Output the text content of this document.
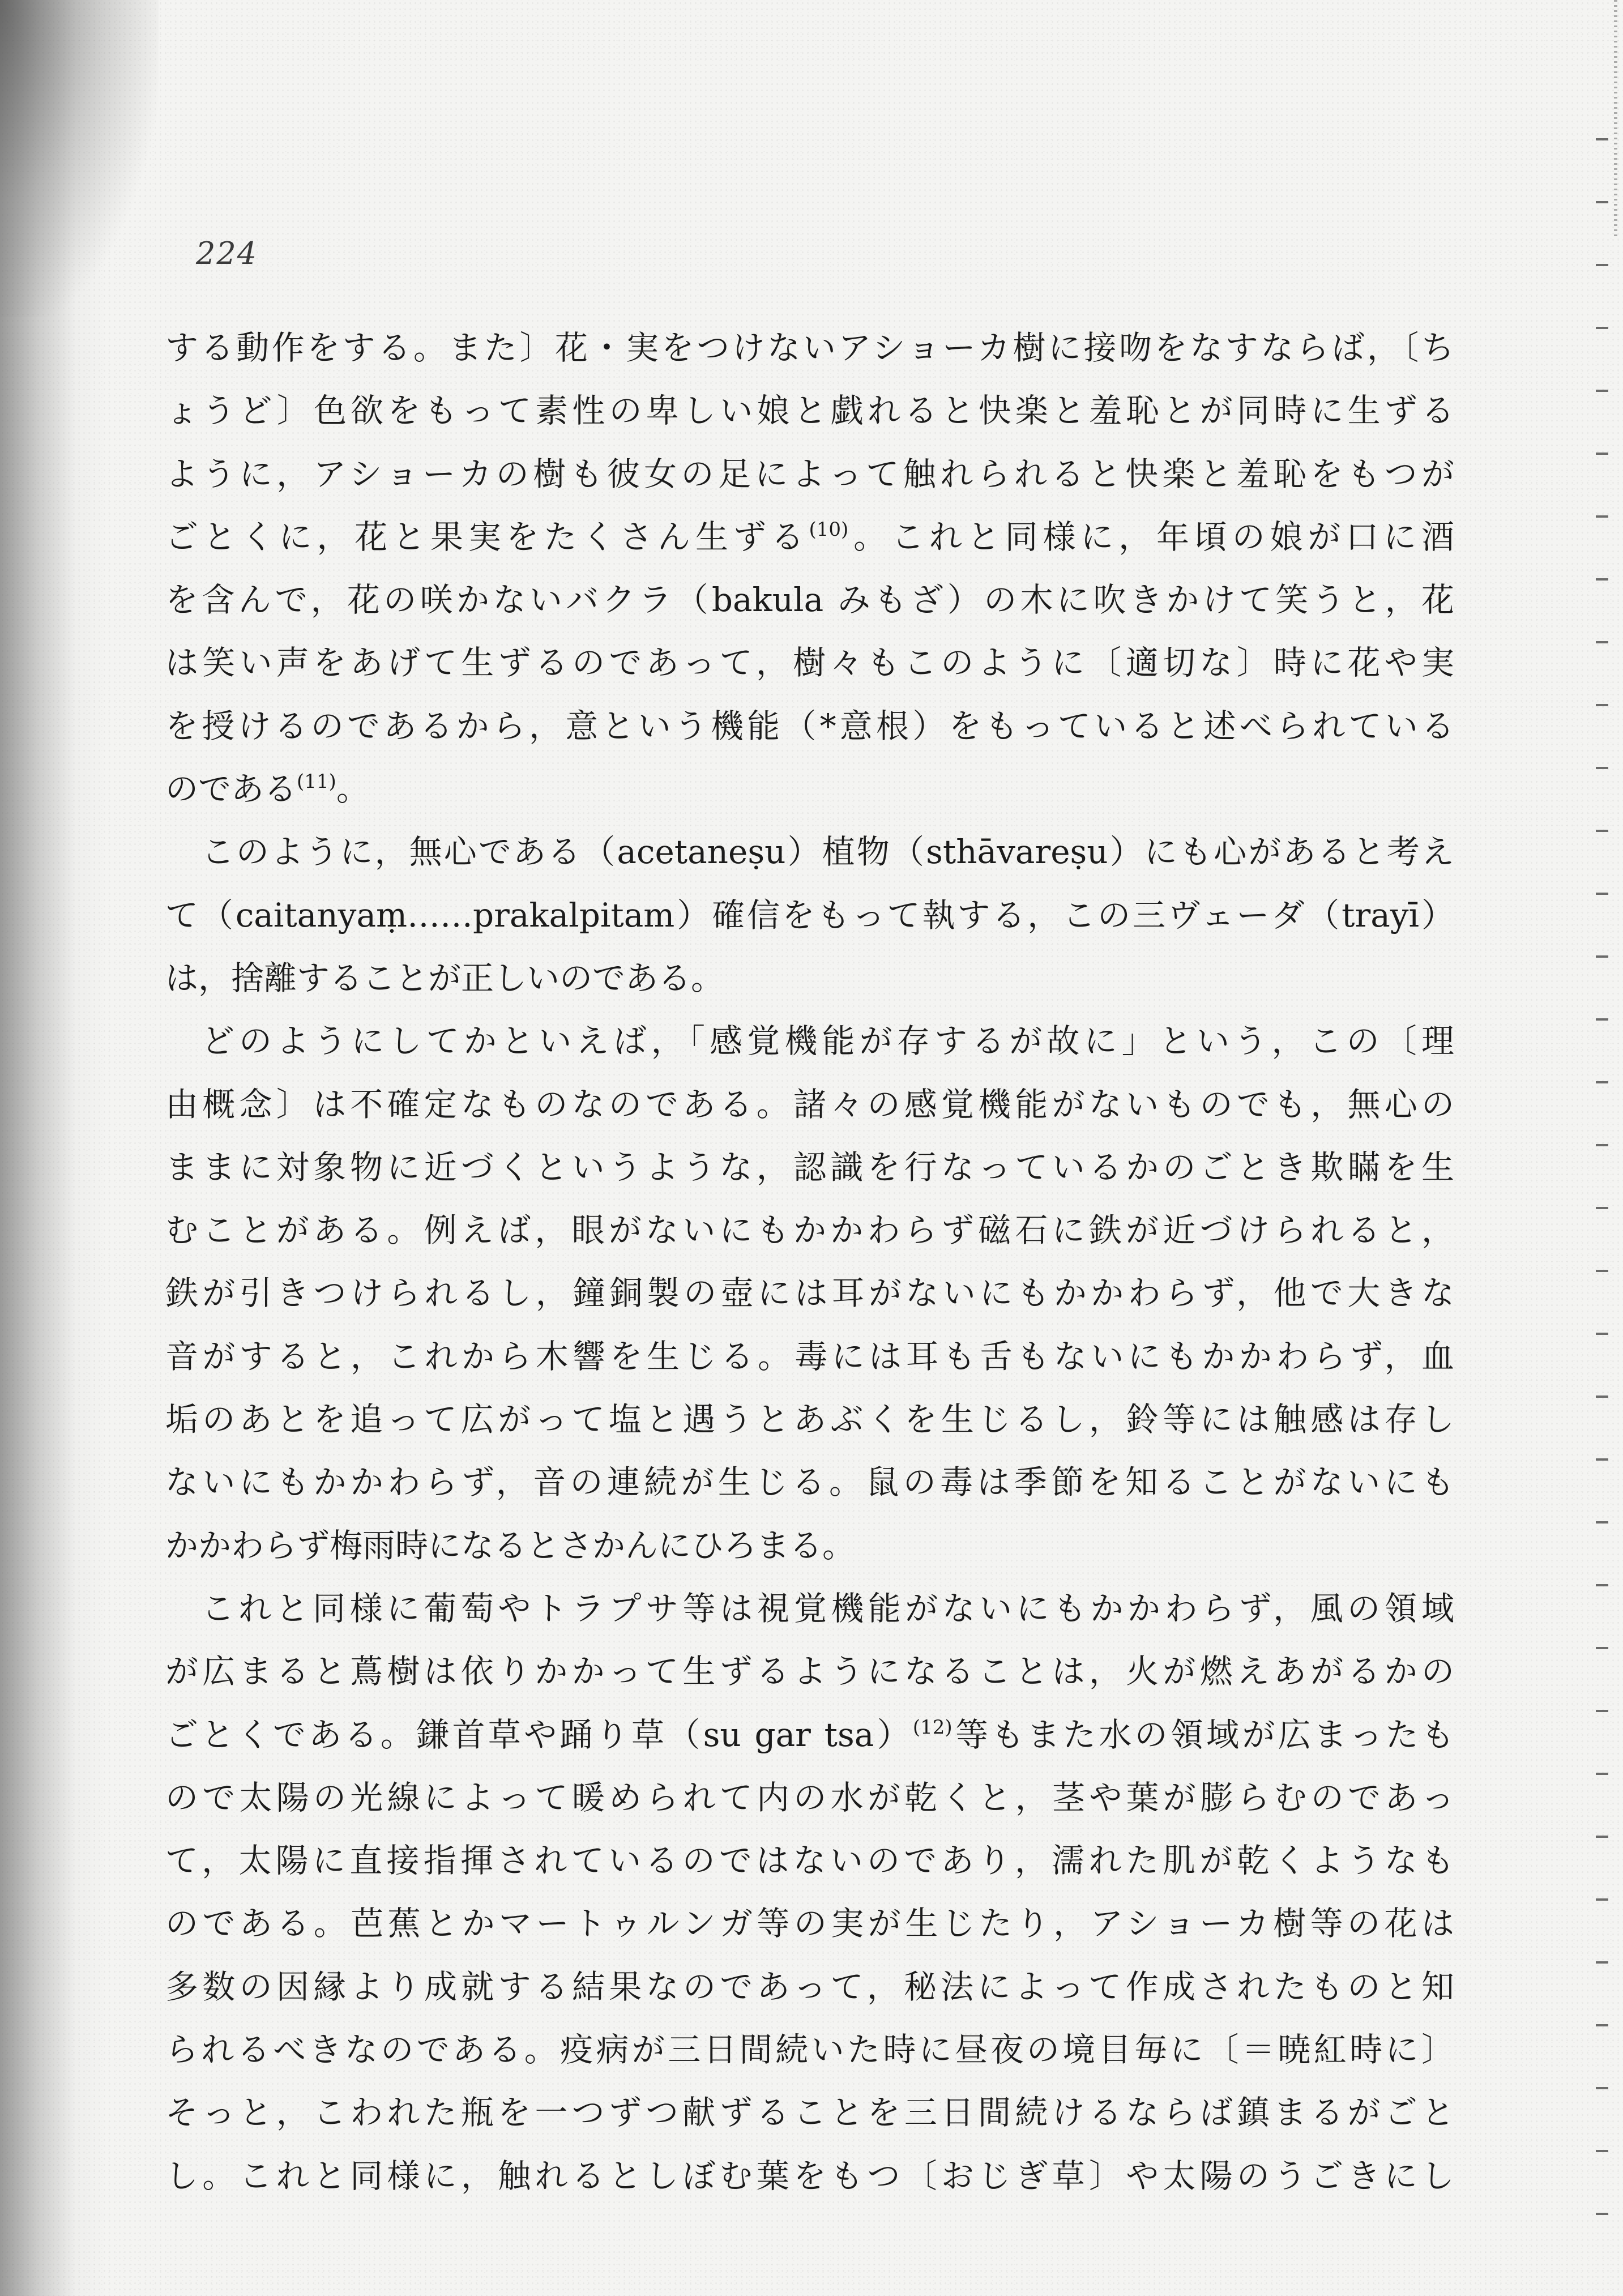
224
する動作をする。また〕花・実をつけないアショーカ樹に接吻をなすならば，〔ち
ょうど〕色欲をもって素性の卑しい娘と戯れると快楽と羞恥とが同時に生ずる
ように，アショーカの樹も彼女の足によって触れられると快楽と羞恥をもつが
ごとくに，花と果実をたくさん生ずる$^{(10)}$。これと同様に，年頃の娘が口に酒
を含んで，花の咲かないバクラ（bakula みもざ）の木に吹きかけて笑うと，花
は笑い声をあげて生ずるのであって，樹々もこのように〔適切な〕時に花や実
を授けるのであるから，意という機能（*意根）をもっていると述べられている
のである$^{(11)}$。
このように，無心である（acetaneṣu）植物（sthāvareṣu）にも心があると考え
て（caitanyaṃ……prakalpitam）確信をもって執する，この三ヴェーダ（trayī）
は，捨離することが正しいのである。
どのようにしてかといえば，「感覚機能が存するが故に」という，この〔理
由概念〕は不確定なものなのである。諸々の感覚機能がないものでも，無心の
ままに対象物に近づくというような，認識を行なっているかのごとき欺瞞を生
むことがある。例えば，眼がないにもかかわらず磁石に鉄が近づけられると，
鉄が引きつけられるし，鐘銅製の壺には耳がないにもかかわらず，他で大きな
音がすると，これから木響を生じる。毒には耳も舌もないにもかかわらず，血
垢のあとを追って広がって塩と遇うとあぶくを生じるし，鈴等には触感は存し
ないにもかかわらず，音の連続が生じる。鼠の毒は季節を知ることがないにも
かかわらず梅雨時になるとさかんにひろまる。
これと同様に葡萄やトラプサ等は視覚機能がないにもかかわらず，風の領域
が広まると蔦樹は依りかかって生ずるようになることは，火が燃えあがるかの
ごとくである。鎌首草や踊り草（su gar tsa）$^{(12)}$等もまた水の領域が広まったも
ので太陽の光線によって暖められて内の水が乾くと，茎や葉が膨らむのであっ
て，太陽に直接指揮されているのではないのであり，濡れた肌が乾くようなも
のである。芭蕉とかマートゥルンガ等の実が生じたり，アショーカ樹等の花は
多数の因縁より成就する結果なのであって，秘法によって作成されたものと知
られるべきなのである。疫病が三日間続いた時に昼夜の境目毎に〔＝暁紅時に〕
そっと，こわれた瓶を一つずつ献ずることを三日間続けるならば鎮まるがごと
し。これと同様に，触れるとしぼむ葉をもつ〔おじぎ草〕や太陽のうごきにし
